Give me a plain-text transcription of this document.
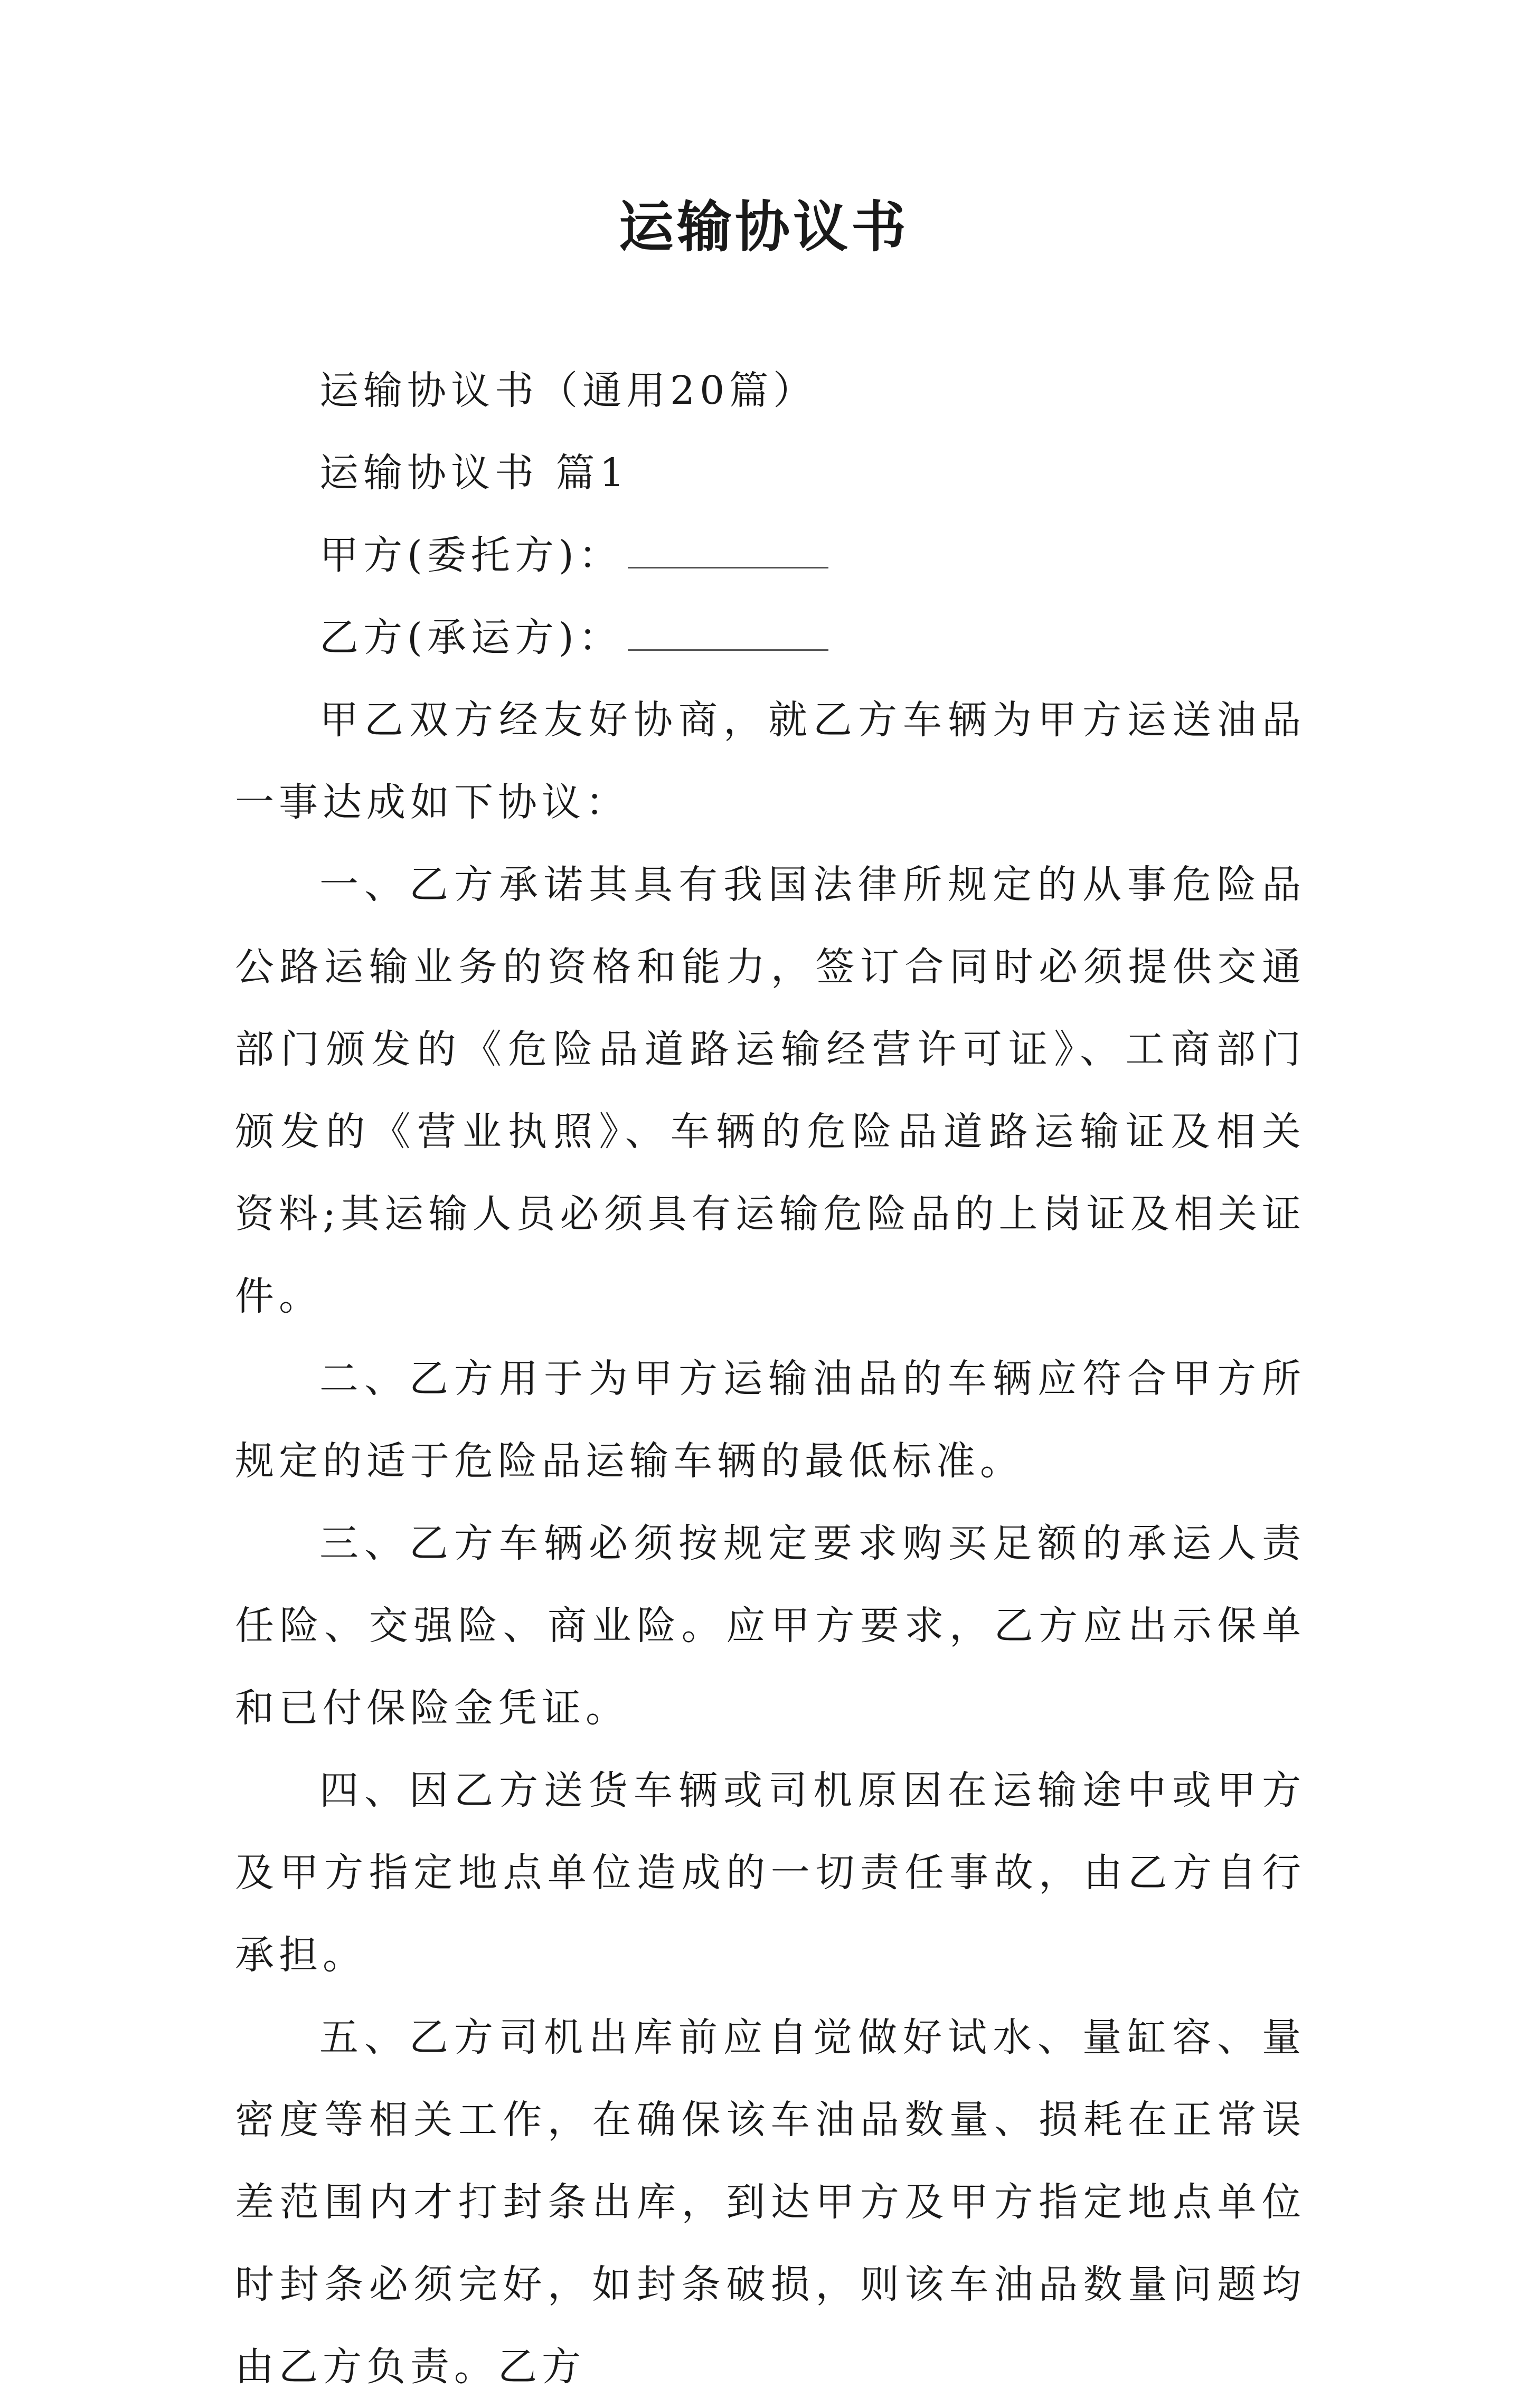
运输协议书

运输协议书（通用20篇）

运输协议书 篇1

甲方(委托方)：

乙方(承运方)：

甲乙双方经友好协商，就乙方车辆为甲方运送油品一事达成如下协议：

一、乙方承诺其具有我国法律所规定的从事危险品公路运输业务的资格和能力，签订合同时必须提供交通部门颁发的《危险品道路运输经营许可证》、工商部门颁发的《营业执照》、车辆的危险品道路运输证及相关资料;其运输人员必须具有运输危险品的上岗证及相关证件。

二、乙方用于为甲方运输油品的车辆应符合甲方所规定的适于危险品运输车辆的最低标准。

三、乙方车辆必须按规定要求购买足额的承运人责任险、交强险、商业险。应甲方要求，乙方应出示保单和已付保险金凭证。

四、因乙方送货车辆或司机原因在运输途中或甲方及甲方指定地点单位造成的一切责任事故，由乙方自行承担。

五、乙方司机出库前应自觉做好试水、量缸容、量密度等相关工作，在确保该车油品数量、损耗在正常误差范围内才打封条出库，到达甲方及甲方指定地点单位时封条必须完好，如封条破损，则该车油品数量问题均由乙方负责。乙方
